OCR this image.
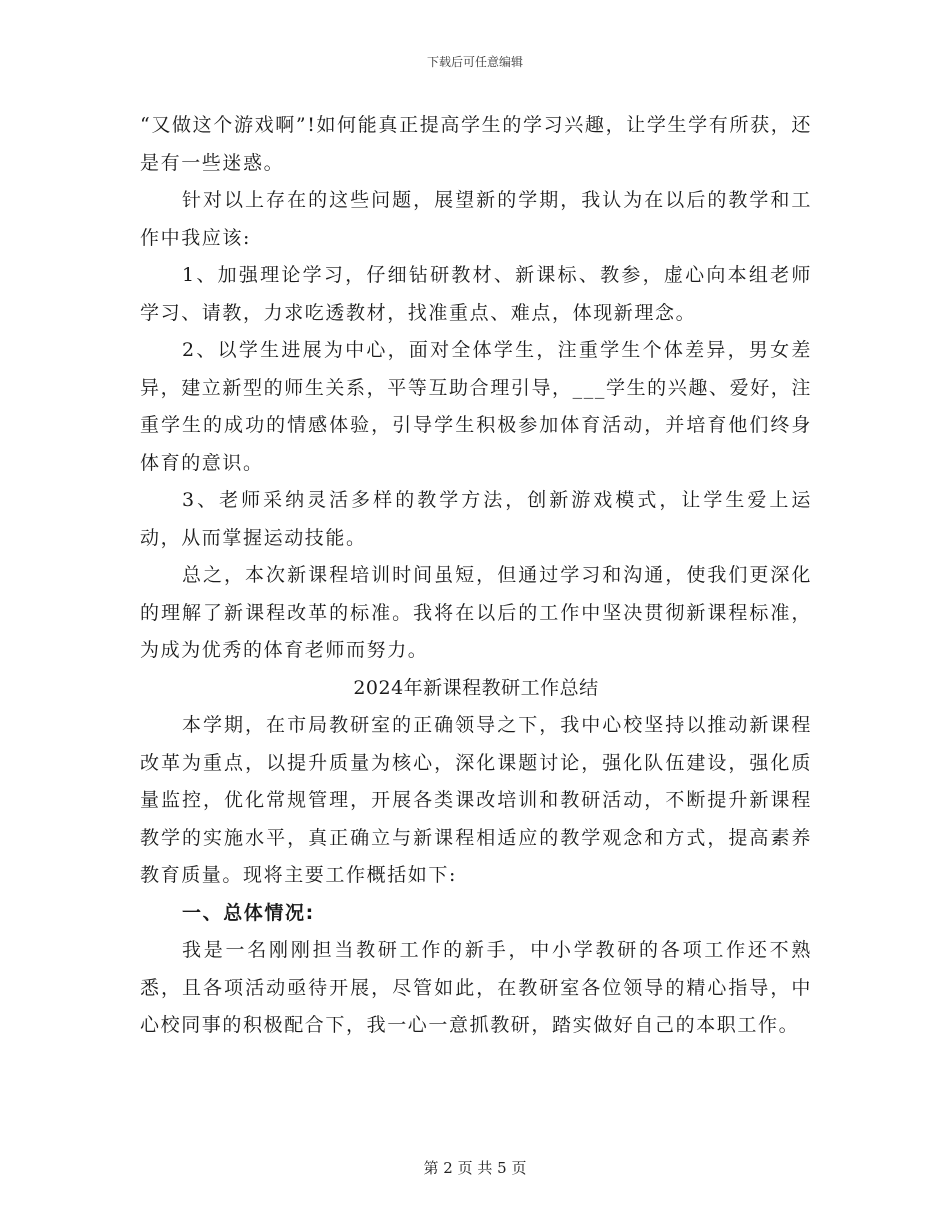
下载后可任意编辑

“又做这个游戏啊”!如何能真正提高学生的学习兴趣，让学生学有所获，还是有一些迷惑。

针对以上存在的这些问题，展望新的学期，我认为在以后的教学和工作中我应该:

1、加强理论学习，仔细钻研教材、新课标、教参，虚心向本组老师学习、请教，力求吃透教材，找准重点、难点，体现新理念。

2、以学生进展为中心，面对全体学生，注重学生个体差异，男女差异，建立新型的师生关系，平等互助合理引导，___学生的兴趣、爱好，注重学生的成功的情感体验，引导学生积极参加体育活动，并培育他们终身体育的意识。

3、老师采纳灵活多样的教学方法，创新游戏模式，让学生爱上运动，从而掌握运动技能。

总之，本次新课程培训时间虽短，但通过学习和沟通，使我们更深化的理解了新课程改革的标准。我将在以后的工作中坚决贯彻新课程标准，为成为优秀的体育老师而努力。

2024年新课程教研工作总结

本学期，在市局教研室的正确领导之下，我中心校坚持以推动新课程改革为重点，以提升质量为核心，深化课题讨论，强化队伍建设，强化质量监控，优化常规管理，开展各类课改培训和教研活动，不断提升新课程教学的实施水平，真正确立与新课程相适应的教学观念和方式，提高素养教育质量。现将主要工作概括如下:

一、总体情况:

我是一名刚刚担当教研工作的新手，中小学教研的各项工作还不熟悉，且各项活动亟待开展，尽管如此，在教研室各位领导的精心指导，中心校同事的积极配合下，我一心一意抓教研，踏实做好自己的本职工作。

第 2 页 共 5 页
